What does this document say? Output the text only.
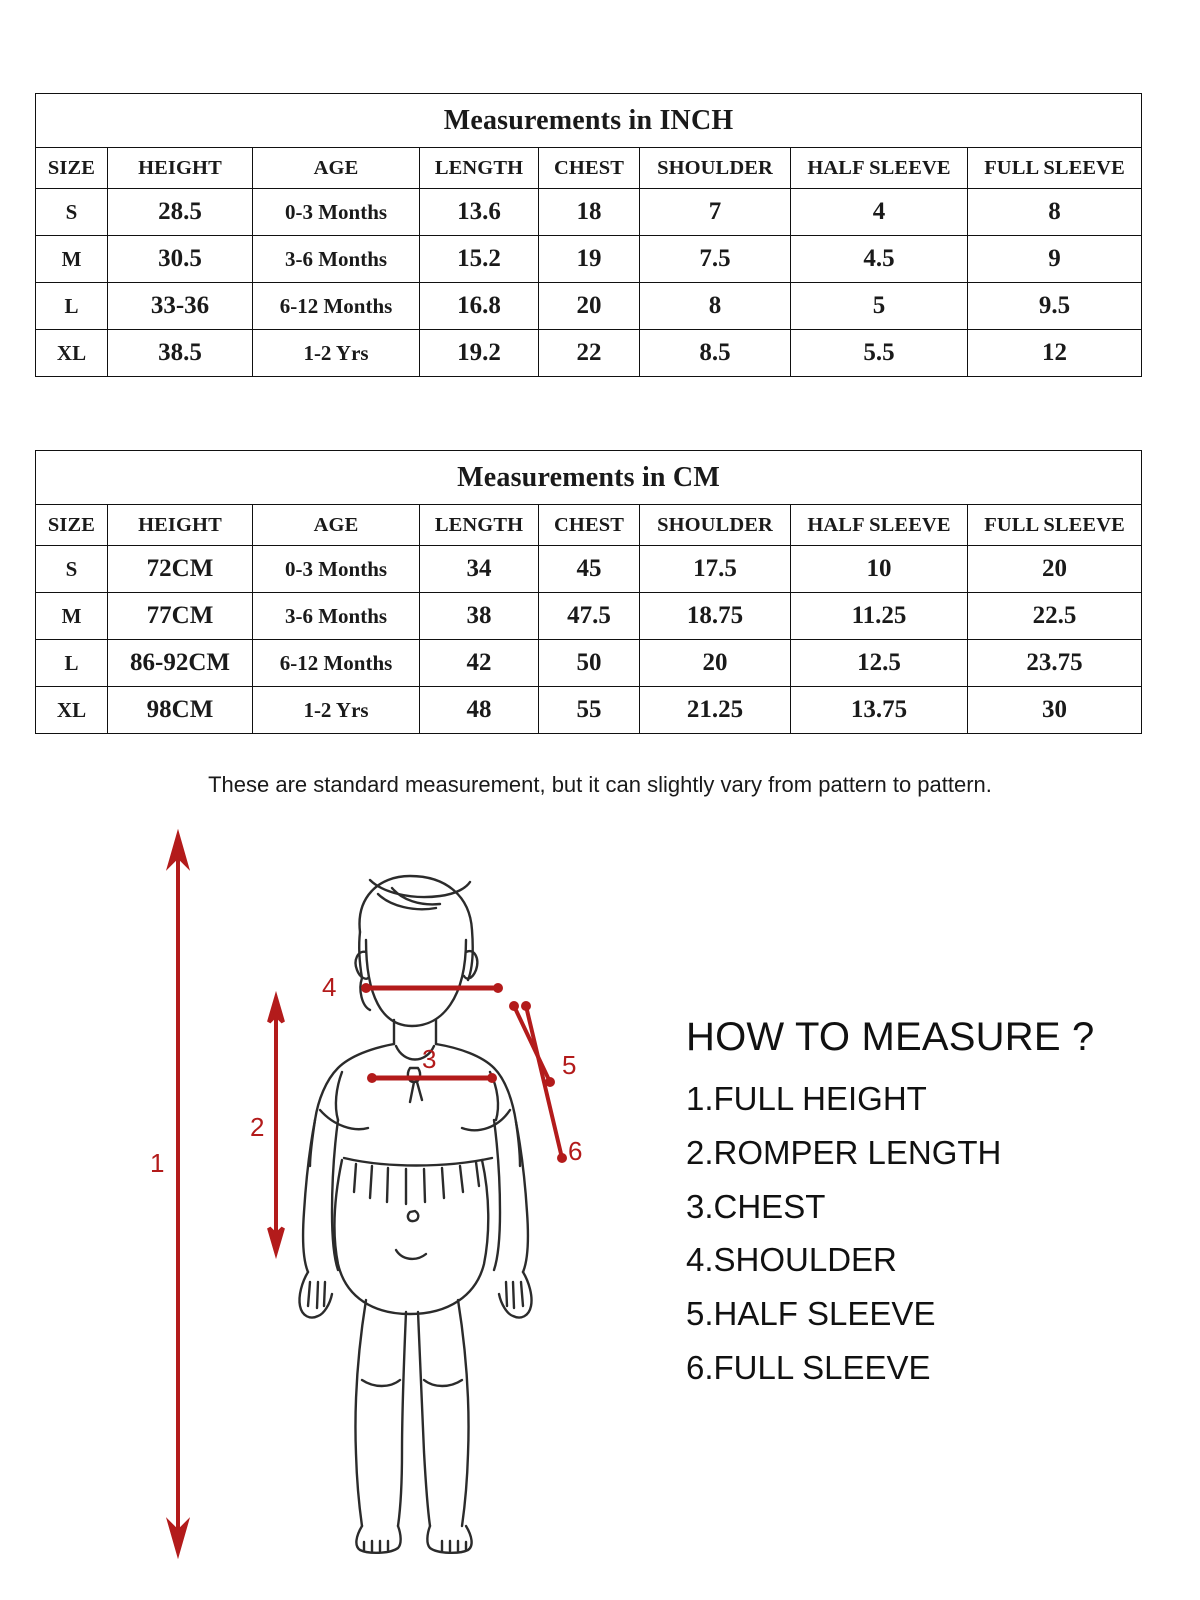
Measurements in INCH							
SIZE	HEIGHT	AGE	LENGTH	CHEST	SHOULDER	HALF SLEEVE	FULL SLEEVE
S	28.5	0-3 Months	13.6	18	7	4	8
M	30.5	3-6 Months	15.2	19	7.5	4.5	9
L	33-36	6-12 Months	16.8	20	8	5	9.5
XL	38.5	1-2 Yrs	19.2	22	8.5	5.5	12
Measurements in CM							
SIZE	HEIGHT	AGE	LENGTH	CHEST	SHOULDER	HALF SLEEVE	FULL SLEEVE
S	72CM	0-3 Months	34	45	17.5	10	20
M	77CM	3-6 Months	38	47.5	18.75	11.25	22.5
L	86-92CM	6-12 Months	42	50	20	12.5	23.75
XL	98CM	1-2 Yrs	48	55	21.25	13.75	30
These are standard measurement, but it can slightly vary from pattern to pattern.
1
2
3
4
5
6
HOW TO MEASURE ?
1.FULL HEIGHT
2.ROMPER LENGTH
3.CHEST
4.SHOULDER
5.HALF SLEEVE
6.FULL SLEEVE
